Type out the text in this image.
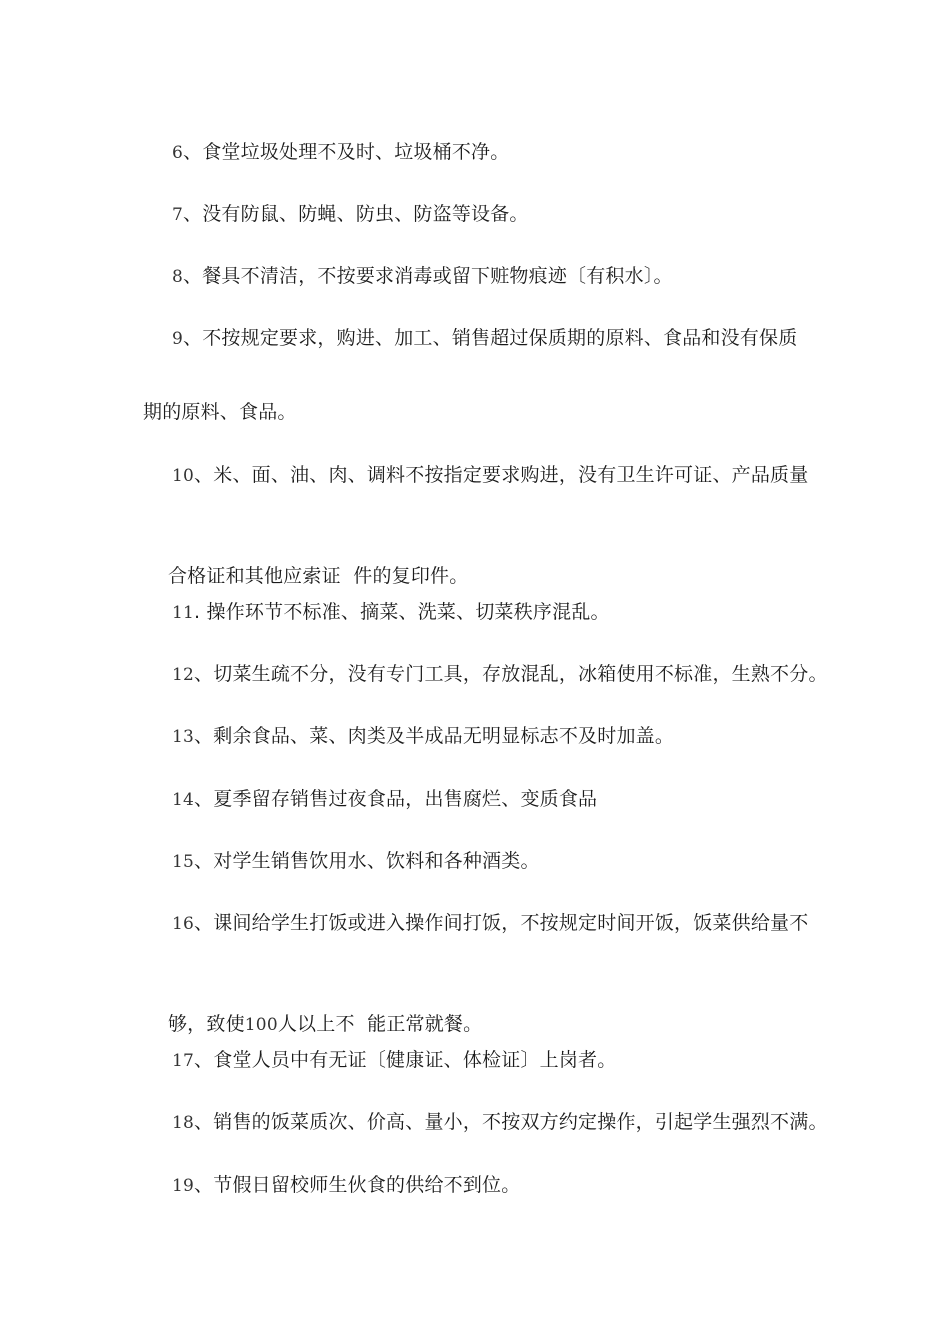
6、食堂垃圾处理不及时、垃圾桶不净。

7、没有防鼠、防蝇、防虫、防盗等设备。

8、餐具不清洁，不按要求消毒或留下赃物痕迹〔有积水〕。

9、不按规定要求，购进、加工、销售超过保质期的原料、食品和没有保质

期的原料、食品。

10、米、面、油、肉、调料不按指定要求购进，没有卫生许可证、产品质量

合格证和其他应索证  件的复印件。

11. 操作环节不标准、摘菜、洗菜、切菜秩序混乱。

12、切菜生疏不分，没有专门工具，存放混乱，冰箱使用不标准，生熟不分。

13、剩余食品、菜、肉类及半成品无明显标志不及时加盖。

14、夏季留存销售过夜食品，出售腐烂、变质食品

15、对学生销售饮用水、饮料和各种酒类。

16、课间给学生打饭或进入操作间打饭，不按规定时间开饭，饭菜供给量不

够，致使100人以上不  能正常就餐。

17、食堂人员中有无证〔健康证、体检证〕上岗者。

18、销售的饭菜质次、价高、量小，不按双方约定操作，引起学生强烈不满。

19、节假日留校师生伙食的供给不到位。
